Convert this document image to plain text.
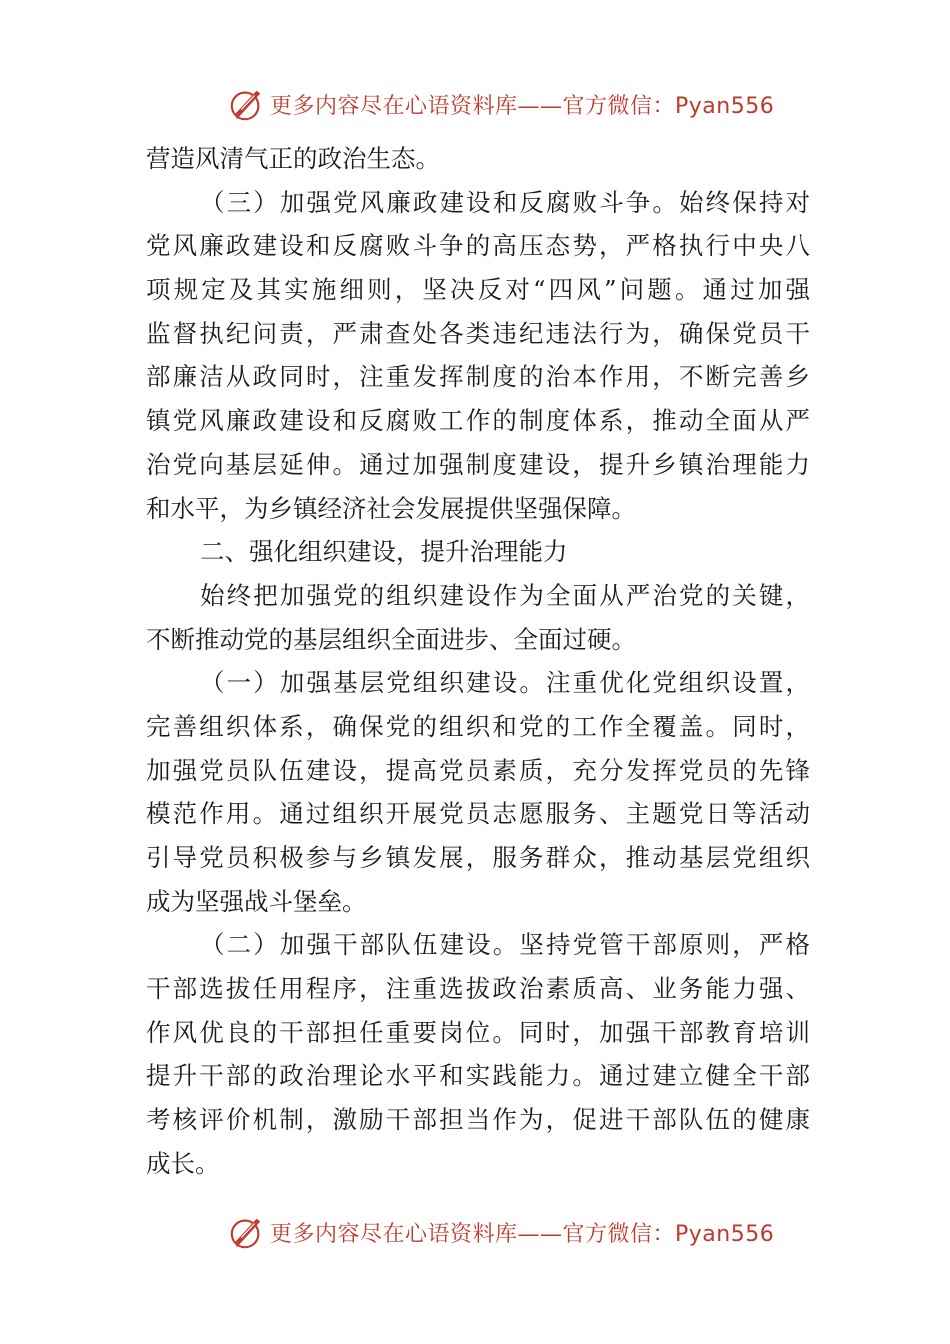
更多内容尽在心语资料库——官方微信：Pyan556
营造风清气正的政治生态。
（三）加强党风廉政建设和反腐败斗争。始终保持对
党风廉政建设和反腐败斗争的高压态势，严格执行中央八
项规定及其实施细则，坚决反对“四风”问题。通过加强
监督执纪问责，严肃查处各类违纪违法行为，确保党员干
部廉洁从政同时，注重发挥制度的治本作用，不断完善乡
镇党风廉政建设和反腐败工作的制度体系，推动全面从严
治党向基层延伸。通过加强制度建设，提升乡镇治理能力
和水平，为乡镇经济社会发展提供坚强保障。
二、强化组织建设，提升治理能力
始终把加强党的组织建设作为全面从严治党的关键，
不断推动党的基层组织全面进步、全面过硬。
（一）加强基层党组织建设。注重优化党组织设置，
完善组织体系，确保党的组织和党的工作全覆盖。同时，
加强党员队伍建设，提高党员素质，充分发挥党员的先锋
模范作用。通过组织开展党员志愿服务、主题党日等活动
引导党员积极参与乡镇发展，服务群众，推动基层党组织
成为坚强战斗堡垒。
（二）加强干部队伍建设。坚持党管干部原则，严格
干部选拔任用程序，注重选拔政治素质高、业务能力强、
作风优良的干部担任重要岗位。同时，加强干部教育培训
提升干部的政治理论水平和实践能力。通过建立健全干部
考核评价机制，激励干部担当作为，促进干部队伍的健康
成长。
更多内容尽在心语资料库——官方微信：Pyan556
